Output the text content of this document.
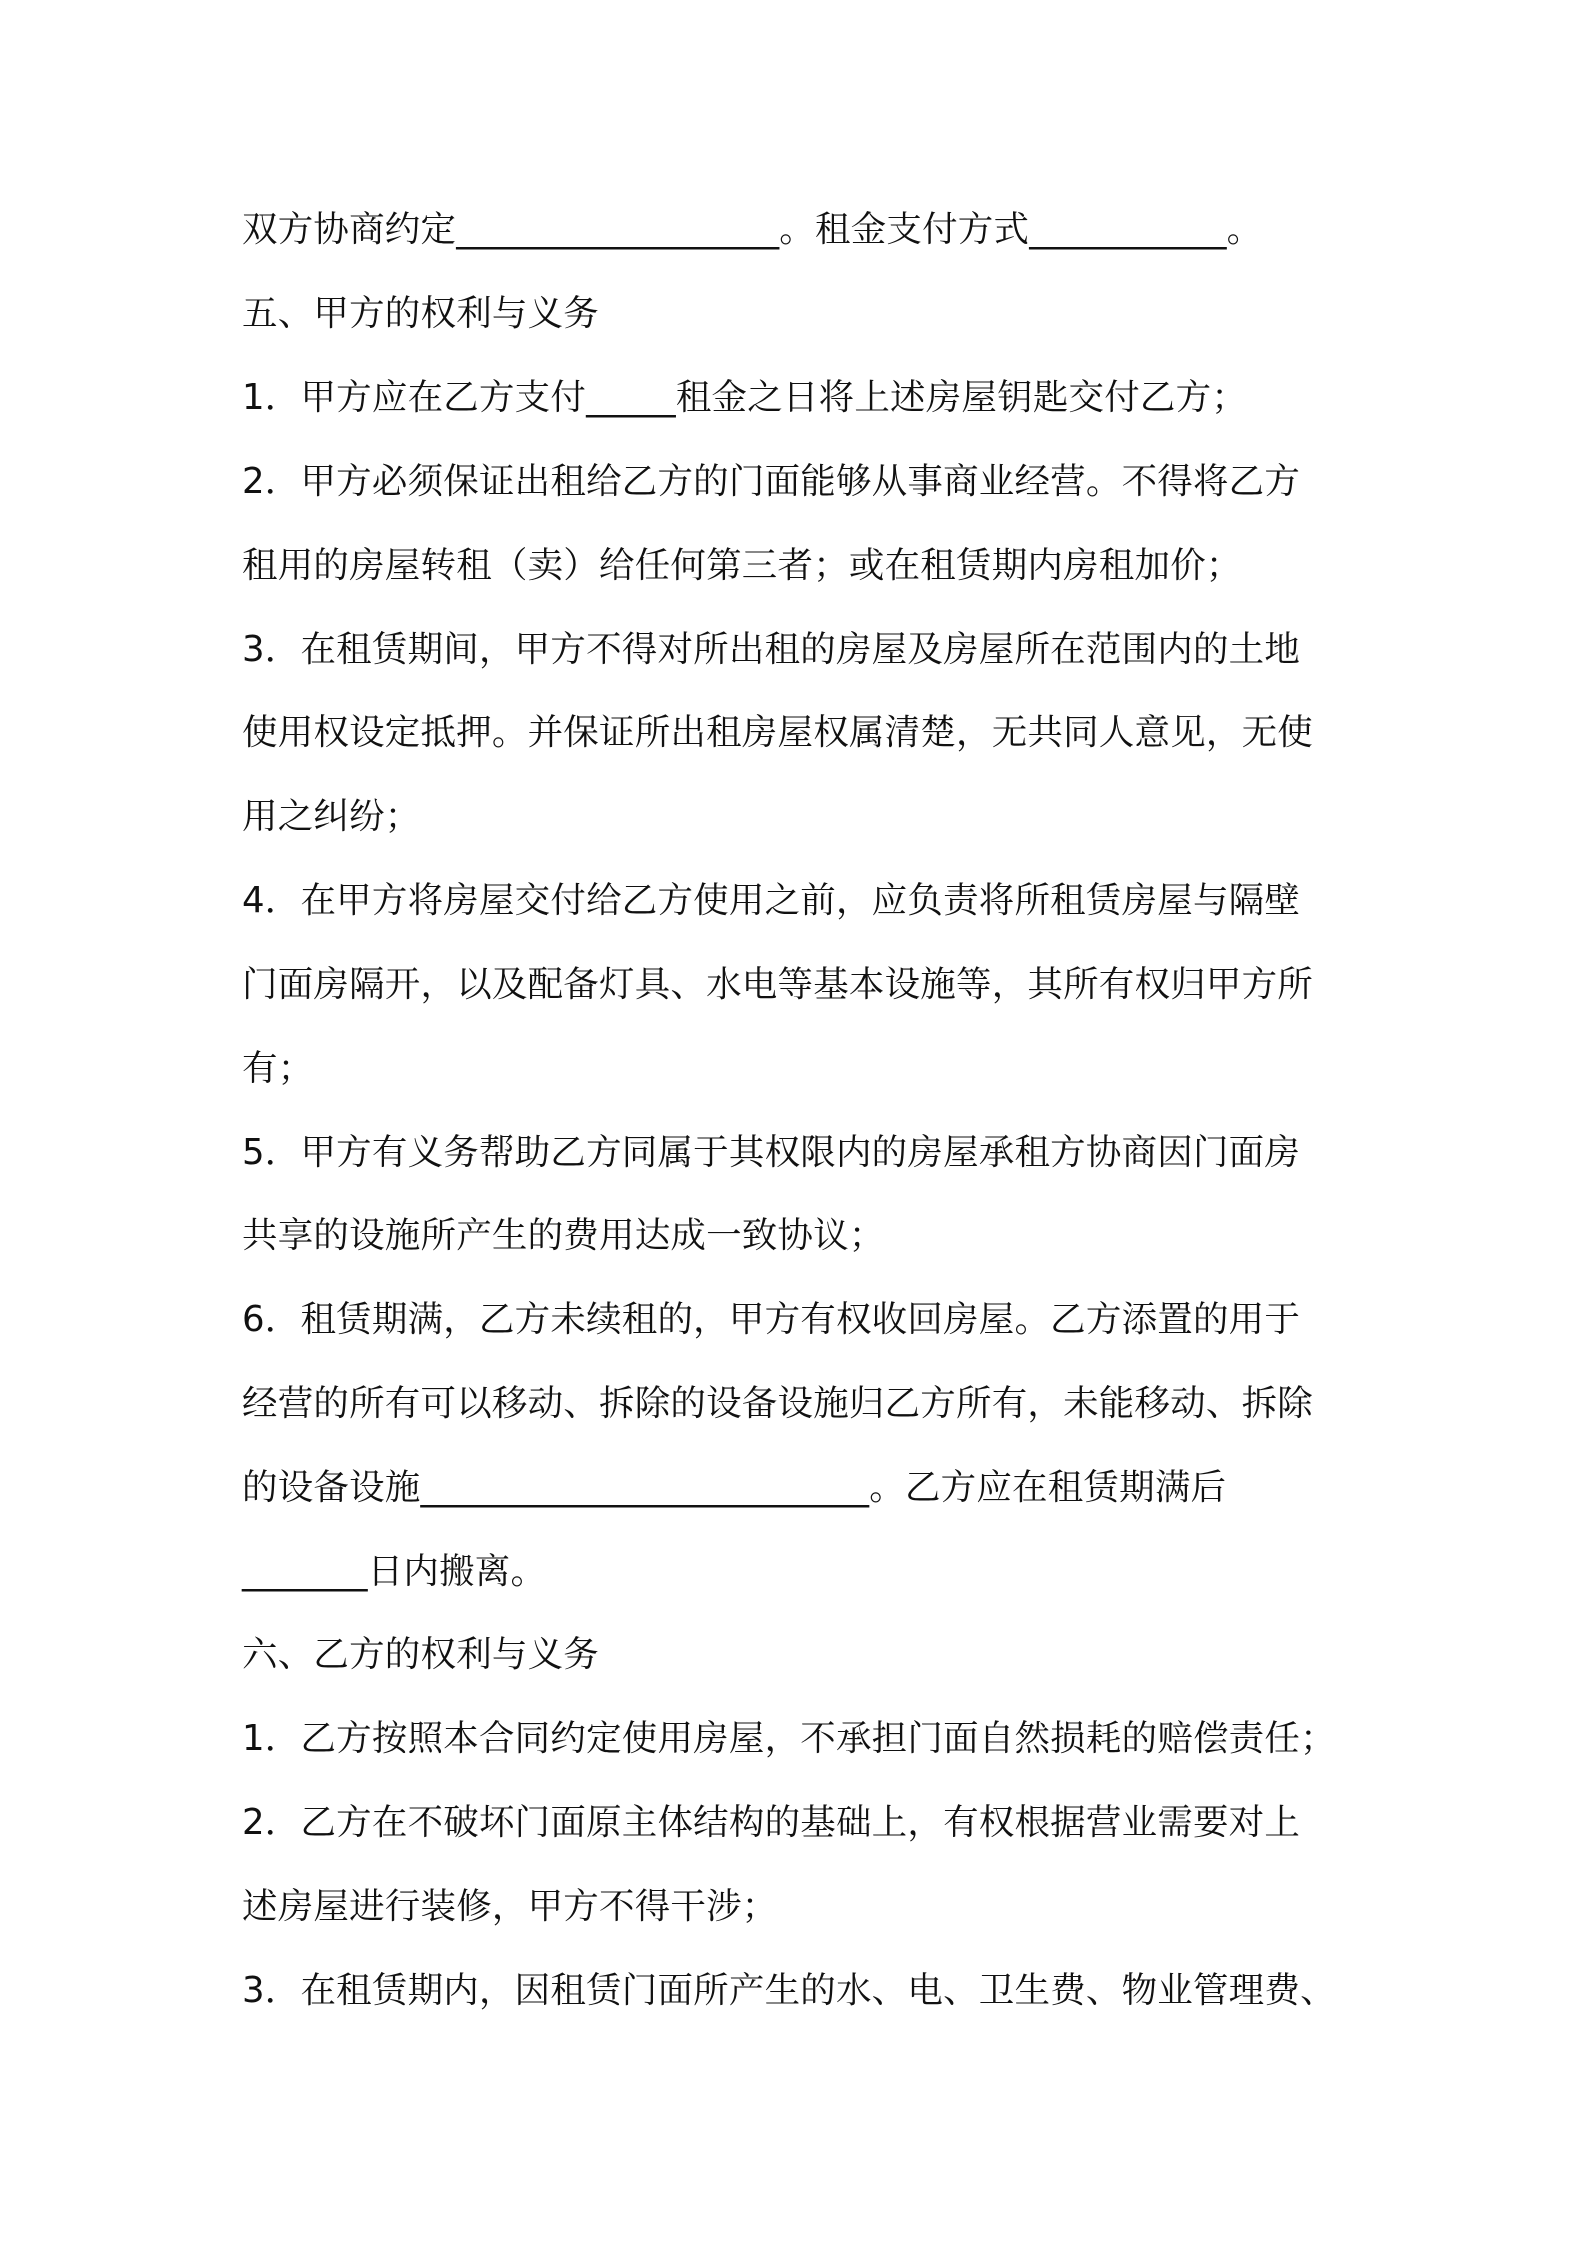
双方协商约定__________________。租金支付方式___________。
五、甲方的权利与义务
1．甲方应在乙方支付_____租金之日将上述房屋钥匙交付乙方；
2．甲方必须保证出租给乙方的门面能够从事商业经营。不得将乙方
租用的房屋转租（卖）给任何第三者；或在租赁期内房租加价；
3．在租赁期间，甲方不得对所出租的房屋及房屋所在范围内的土地
使用权设定抵押。并保证所出租房屋权属清楚，无共同人意见，无使
用之纠纷；
4．在甲方将房屋交付给乙方使用之前，应负责将所租赁房屋与隔壁
门面房隔开，以及配备灯具、水电等基本设施等，其所有权归甲方所
有；
5．甲方有义务帮助乙方同属于其权限内的房屋承租方协商因门面房
共享的设施所产生的费用达成一致协议；
6．租赁期满，乙方未续租的，甲方有权收回房屋。乙方添置的用于
经营的所有可以移动、拆除的设备设施归乙方所有，未能移动、拆除
的设备设施_________________________。乙方应在租赁期满后
_______日内搬离。
六、乙方的权利与义务
1．乙方按照本合同约定使用房屋，不承担门面自然损耗的赔偿责任；
2．乙方在不破坏门面原主体结构的基础上，有权根据营业需要对上
述房屋进行装修，甲方不得干涉；
3．在租赁期内，因租赁门面所产生的水、电、卫生费、物业管理费、
